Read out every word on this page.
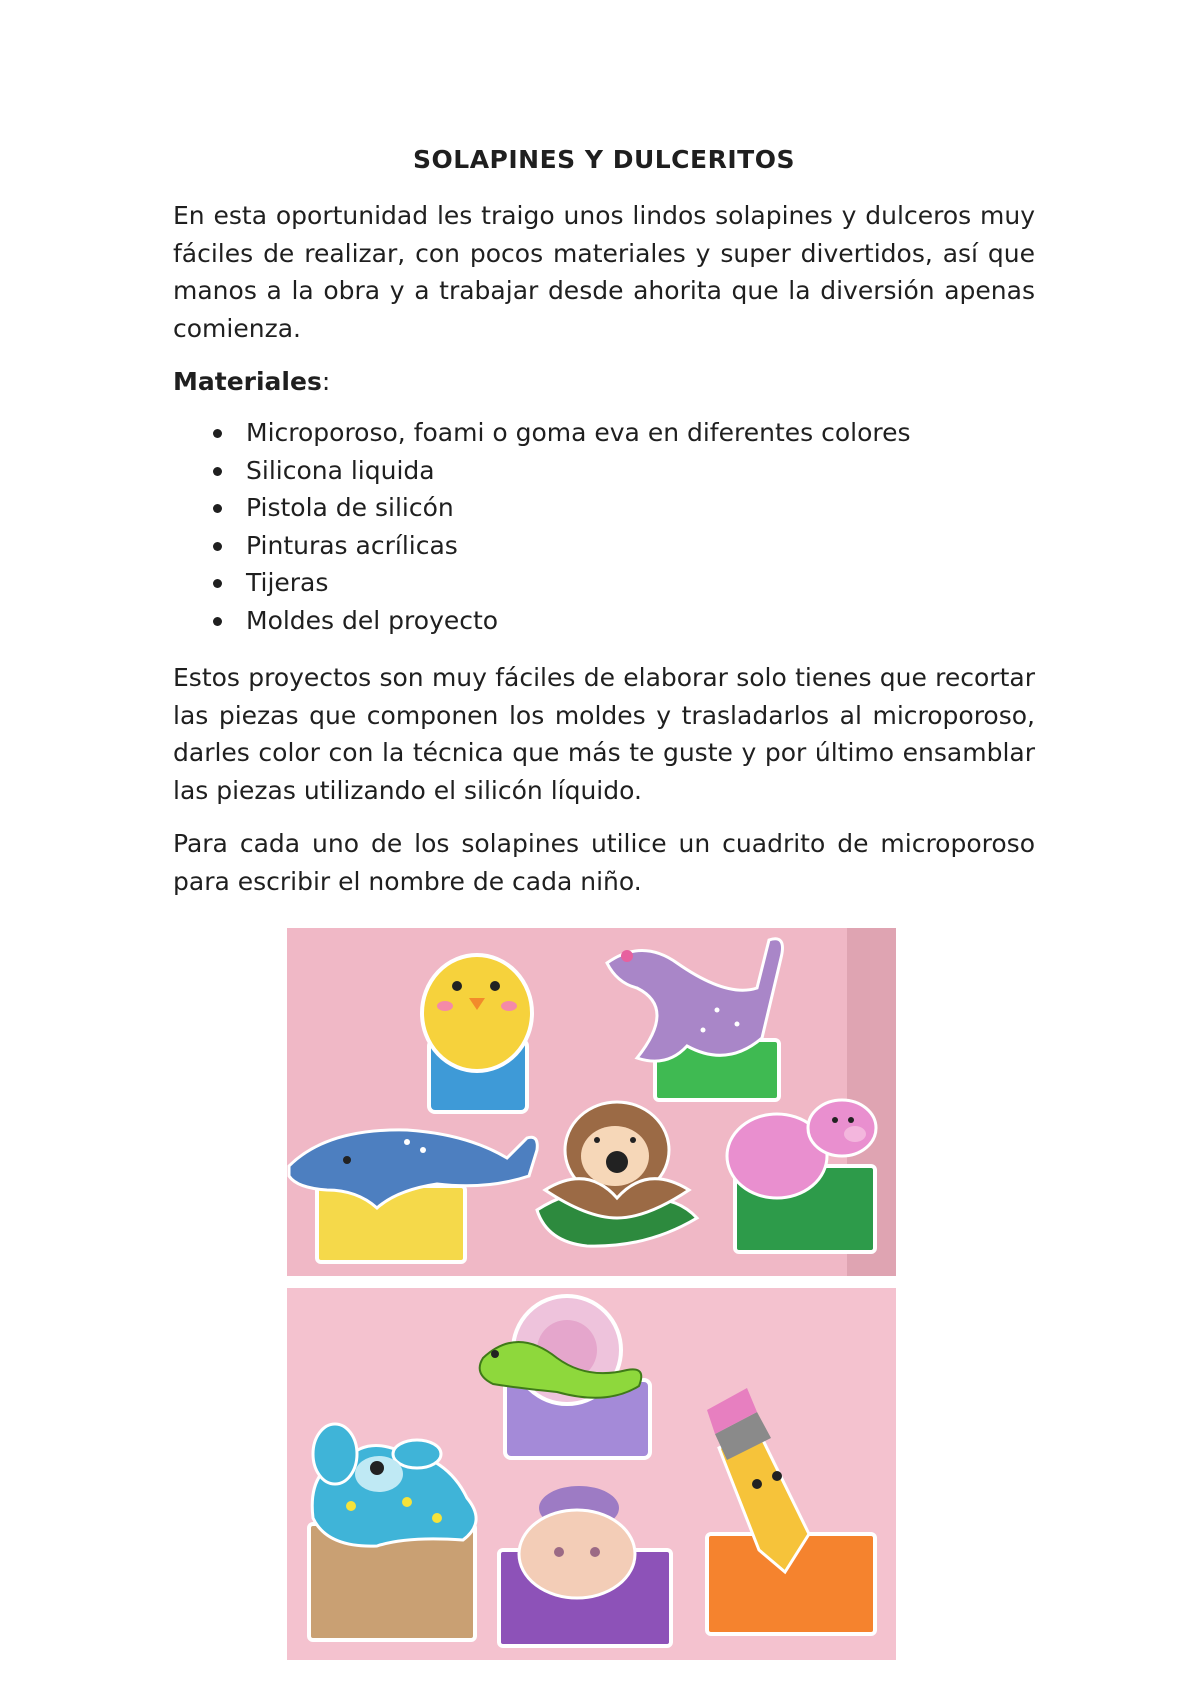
SOLAPINES Y DULCERITOS

En esta oportunidad les traigo unos lindos solapines y dulceros muy fáciles de realizar, con pocos materiales y super divertidos, así que manos a la obra y a trabajar desde ahorita que la diversión apenas comienza.

Materiales:

Microporoso, foami o goma eva en diferentes colores
Silicona liquida
Pistola de silicón
Pinturas acrílicas
Tijeras
Moldes del proyecto

Estos proyectos son muy fáciles de elaborar solo tienes que recortar las piezas que componen los moldes y trasladarlos al microporoso, darles color con la técnica que más te guste y por último ensamblar las piezas utilizando el silicón líquido.

Para cada uno de los solapines utilice un cuadrito de microporoso para escribir el nombre de cada niño.
